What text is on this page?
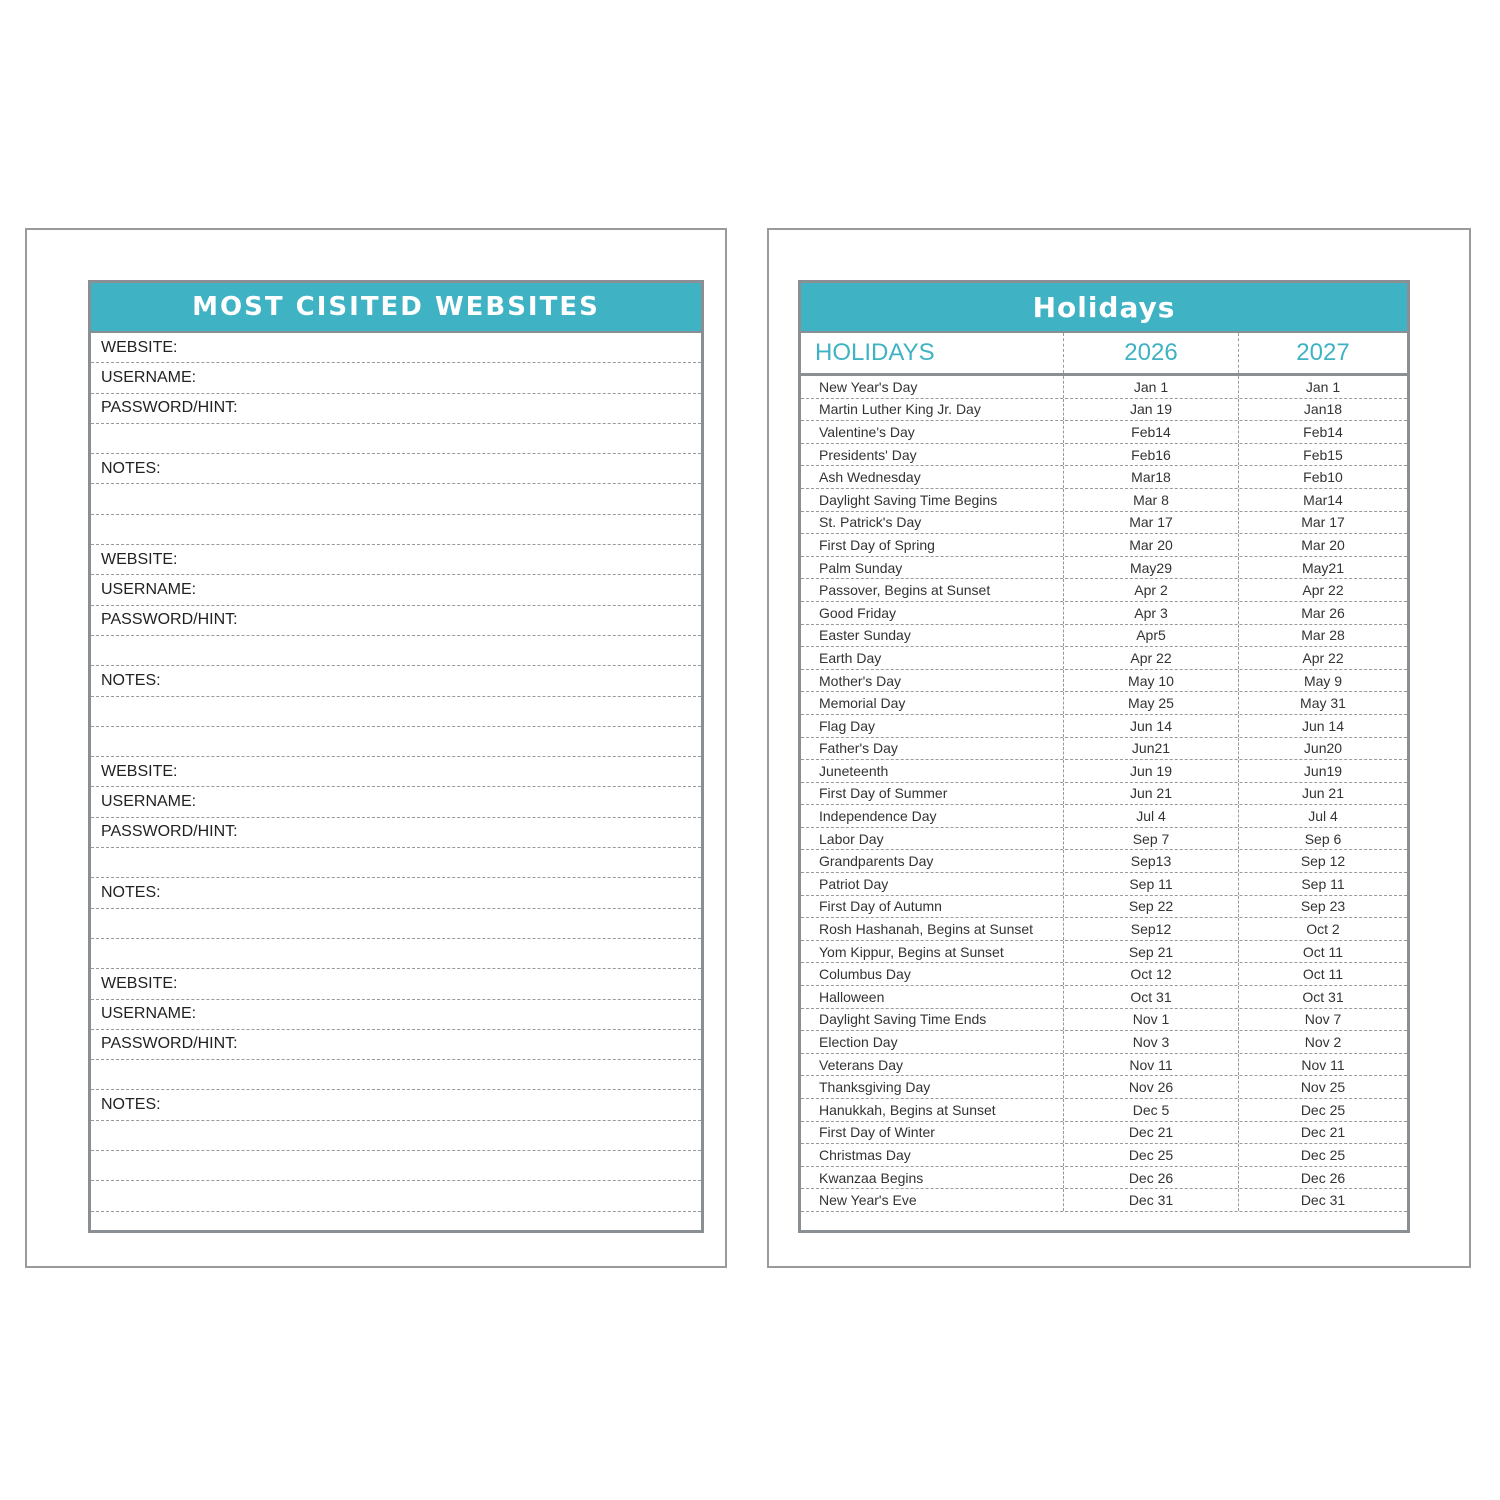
MOST CISITED WEBSITES
WEBSITE:
USERNAME:
PASSWORD/HINT:
NOTES:
WEBSITE:
USERNAME:
PASSWORD/HINT:
NOTES:
WEBSITE:
USERNAME:
PASSWORD/HINT:
NOTES:
WEBSITE:
USERNAME:
PASSWORD/HINT:
NOTES:
Holidays
HOLIDAYS	2026	2027
New Year's Day	Jan 1	Jan 1
Martin Luther King Jr. Day	Jan 19	Jan18
Valentine's Day	Feb14	Feb14
Presidents' Day	Feb16	Feb15
Ash Wednesday	Mar18	Feb10
Daylight Saving Time Begins	Mar 8	Mar14
St. Patrick's Day	Mar 17	Mar 17
First Day of Spring	Mar 20	Mar 20
Palm Sunday	May29	May21
Passover, Begins at Sunset	Apr 2	Apr 22
Good Friday	Apr 3	Mar 26
Easter Sunday	Apr5	Mar 28
Earth Day	Apr 22	Apr 22
Mother's Day	May 10	May 9
Memorial Day	May 25	May 31
Flag Day	Jun 14	Jun 14
Father's Day	Jun21	Jun20
Juneteenth	Jun 19	Jun19
First Day of Summer	Jun 21	Jun 21
Independence Day	Jul 4	Jul 4
Labor Day	Sep 7	Sep 6
Grandparents Day	Sep13	Sep 12
Patriot Day	Sep 11	Sep 11
First Day of Autumn	Sep 22	Sep 23
Rosh Hashanah, Begins at Sunset	Sep12	Oct 2
Yom Kippur, Begins at Sunset	Sep 21	Oct 11
Columbus Day	Oct 12	Oct 11
Halloween	Oct 31	Oct 31
Daylight Saving Time Ends	Nov 1	Nov 7
Election Day	Nov 3	Nov 2
Veterans Day	Nov 11	Nov 11
Thanksgiving Day	Nov 26	Nov 25
Hanukkah, Begins at Sunset	Dec 5	Dec 25
First Day of Winter	Dec 21	Dec 21
Christmas Day	Dec 25	Dec 25
Kwanzaa Begins	Dec 26	Dec 26
New Year's Eve	Dec 31	Dec 31
